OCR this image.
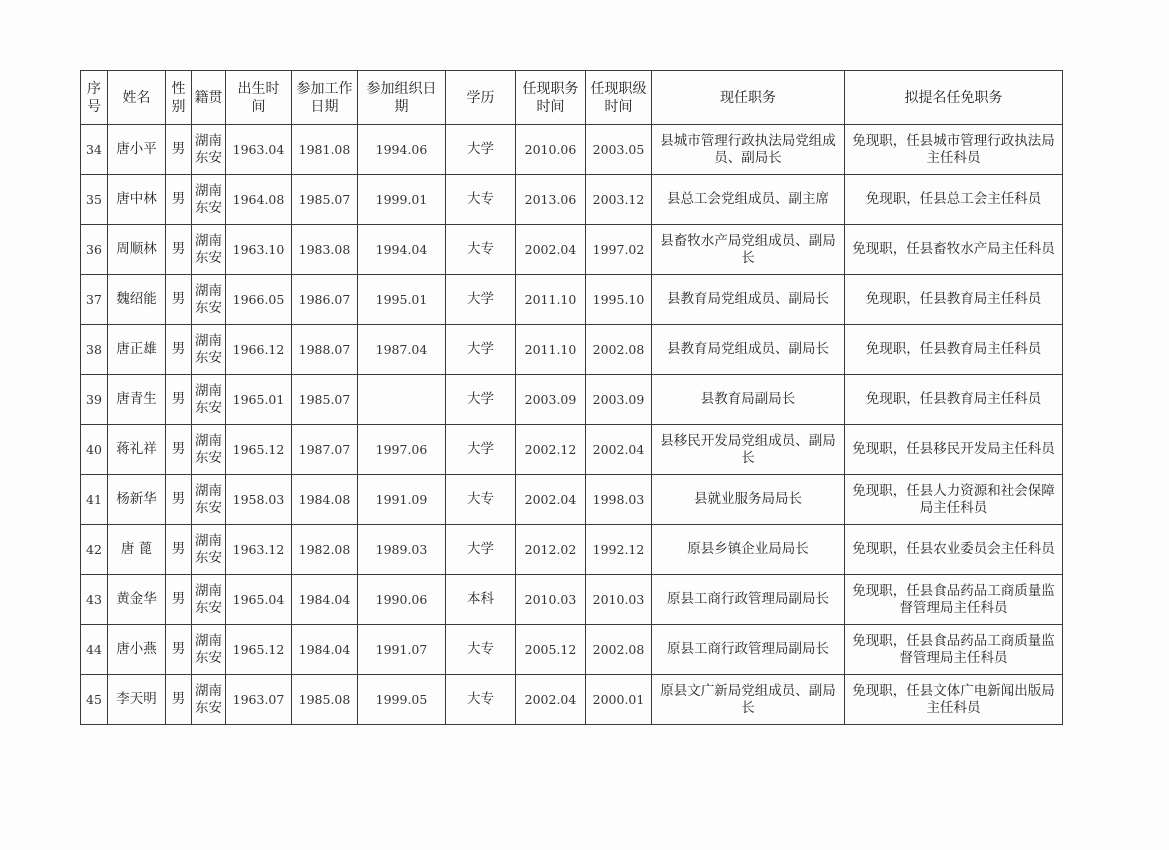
序号	姓名	性别	籍贯	出生时间	参加工作日期	参加组织日期	学历	任现职务时间	任现职级时间	现任职务	拟提名任免职务
34	唐小平	男	湖南东安	1963.04	1981.08	1994.06	大学	2010.06	2003.05	县城市管理行政执法局党组成员、副局长	免现职，任县城市管理行政执法局主任科员
35	唐中林	男	湖南东安	1964.08	1985.07	1999.01	大专	2013.06	2003.12	县总工会党组成员、副主席	免现职，任县总工会主任科员
36	周顺林	男	湖南东安	1963.10	1983.08	1994.04	大专	2002.04	1997.02	县畜牧水产局党组成员、副局长	免现职，任县畜牧水产局主任科员
37	魏绍能	男	湖南东安	1966.05	1986.07	1995.01	大学	2011.10	1995.10	县教育局党组成员、副局长	免现职，任县教育局主任科员
38	唐正雄	男	湖南东安	1966.12	1988.07	1987.04	大学	2011.10	2002.08	县教育局党组成员、副局长	免现职，任县教育局主任科员
39	唐青生	男	湖南东安	1965.01	1985.07		大学	2003.09	2003.09	县教育局副局长	免现职，任县教育局主任科员
40	蒋礼祥	男	湖南东安	1965.12	1987.07	1997.06	大学	2002.12	2002.04	县移民开发局党组成员、副局长	免现职，任县移民开发局主任科员
41	杨新华	男	湖南东安	1958.03	1984.08	1991.09	大专	2002.04	1998.03	县就业服务局局长	免现职，任县人力资源和社会保障局主任科员
42	唐 蓖	男	湖南东安	1963.12	1982.08	1989.03	大学	2012.02	1992.12	原县乡镇企业局局长	免现职，任县农业委员会主任科员
43	黄金华	男	湖南东安	1965.04	1984.04	1990.06	本科	2010.03	2010.03	原县工商行政管理局副局长	免现职，任县食品药品工商质量监督管理局主任科员
44	唐小燕	男	湖南东安	1965.12	1984.04	1991.07	大专	2005.12	2002.08	原县工商行政管理局副局长	免现职，任县食品药品工商质量监督管理局主任科员
45	李天明	男	湖南东安	1963.07	1985.08	1999.05	大专	2002.04	2000.01	原县文广新局党组成员、副局长	免现职，任县文体广电新闻出版局主任科员
